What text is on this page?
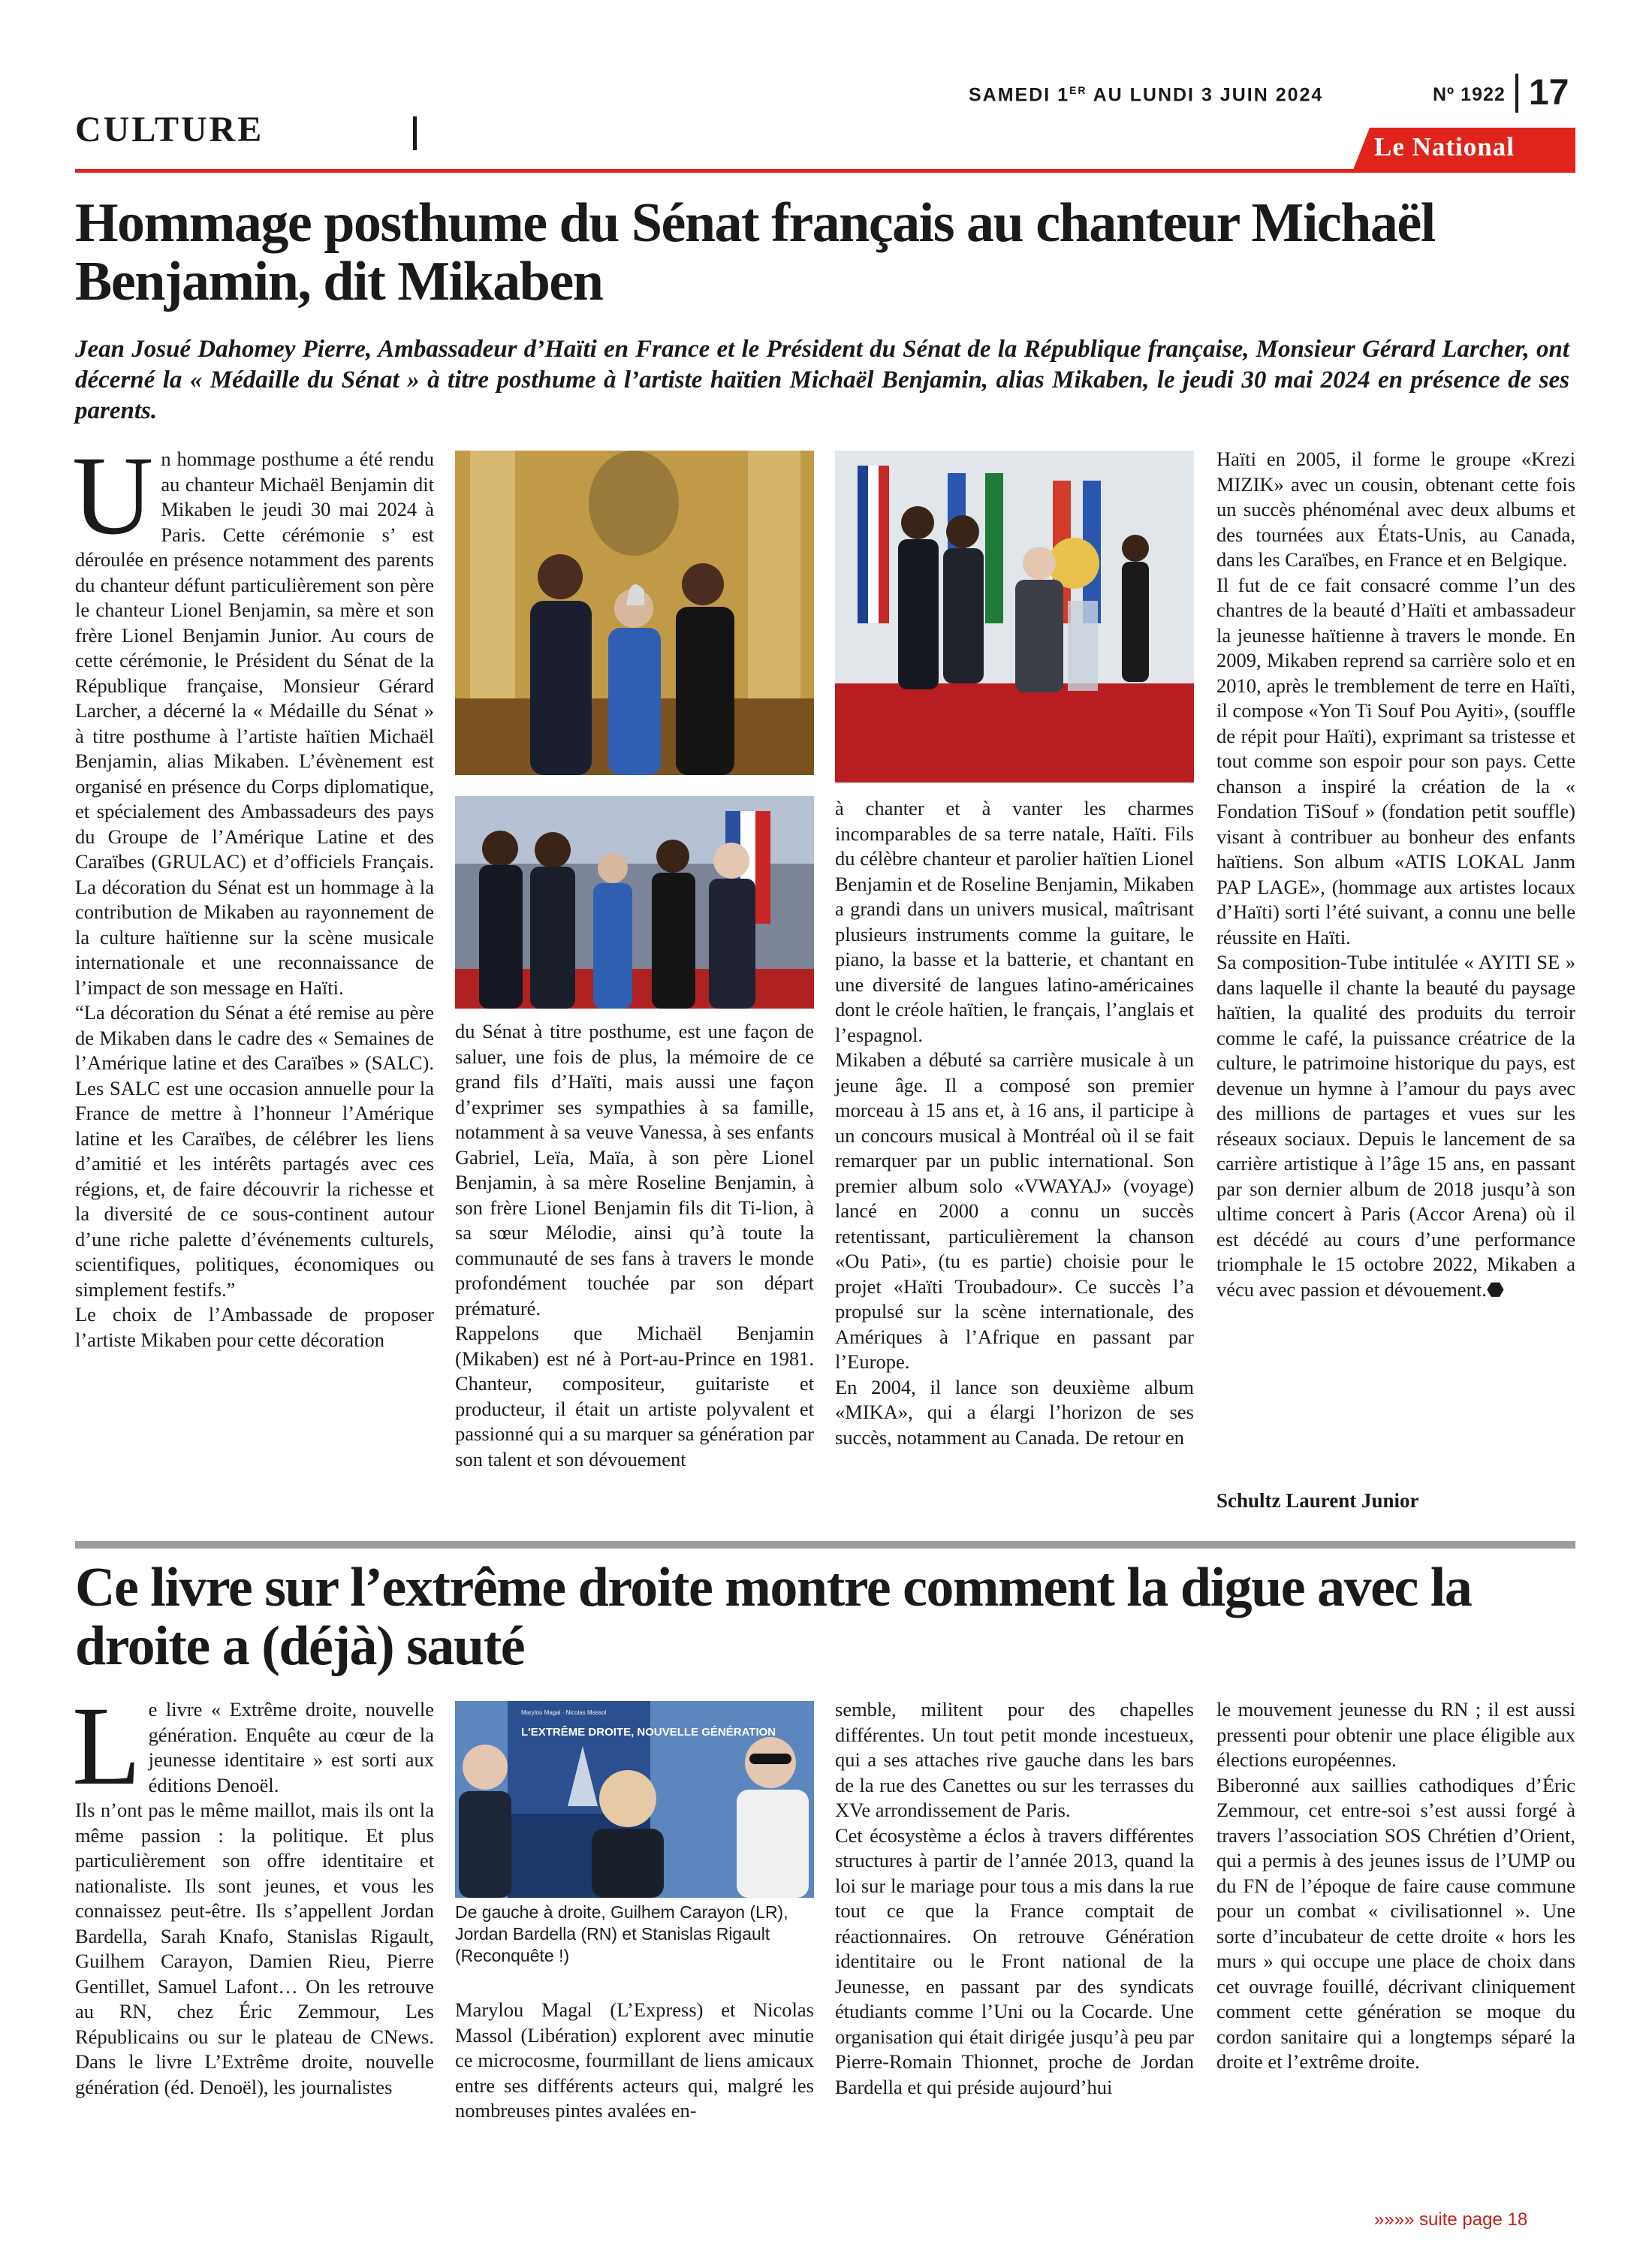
SAMEDI 1ER AU LUNDI 3 JUIN 2024	Nº 1922 17
CULTURE	Le National
Hommage posthume du Sénat français au chanteur Michaël Benjamin, dit Mikaben
Jean Josué Dahomey Pierre, Ambassadeur d’Haïti en France et le Président du Sénat de la République française, Monsieur Gérard Larcher, ont décerné la « Médaille du Sénat » à titre posthume à l’artiste haïtien Michaël Benjamin, alias Mikaben, le jeudi 30 mai 2024 en présence de ses parents.
U n hommage posthume a été rendu au chanteur Michaël Benjamin dit Mikaben le jeudi 30 mai 2024 à Paris. Cette cérémonie s’ est déroulée en présence notamment des parents du chanteur défunt particulièrement son père le chanteur Lionel Benjamin, sa mère et son frère Lionel Benjamin Junior. Au cours de cette cérémonie, le Président du Sénat de la République française, Monsieur Gérard Larcher, a décerné la « Médaille du Sénat » à titre posthume à l’artiste haïtien Michaël Benjamin, alias Mikaben. L’évènement est organisé en présence du Corps diplomatique, et spécialement des Ambassadeurs des pays du Groupe de l’Amérique Latine et des Caraïbes (GRULAC) et d’officiels Français. La décoration du Sénat est un hommage à la contribution de Mikaben au rayonnement de la culture haïtienne sur la scène musicale internationale et une reconnaissance de l’impact de son message en Haïti.

“La décoration du Sénat a été remise au père de Mikaben dans le cadre des « Semaines de l’Amérique latine et des Caraïbes » (SALC). Les SALC est une occasion annuelle pour la France de mettre à l’honneur l’Amérique latine et les Caraïbes, de célébrer les liens d’amitié et les intérêts partagés avec ces régions, et, de faire découvrir la richesse et la diversité de ce sous-continent autour d’une riche palette d’événements culturels, scientifiques, politiques, économiques ou simplement festifs.”

Le choix de l’Ambassade de proposer l’artiste Mikaben pour cette décoration

du Sénat à titre posthume, est une façon de saluer, une fois de plus, la mémoire de ce grand fils d’Haïti, mais aussi une façon d’exprimer ses sympathies à sa famille, notamment à sa veuve Vanessa, à ses enfants Gabriel, Leïa, Maïa, à son père Lionel Benjamin, à sa mère Roseline Benjamin, à son frère Lionel Benjamin fils dit Ti-lion, à sa sœur Mélodie, ainsi qu’à toute la communauté de ses fans à travers le monde profondément touchée par son départ prématuré.

Rappelons que Michaël Benjamin (Mikaben) est né à Port-au-Prince en 1981. Chanteur, compositeur, guitariste et producteur, il était un artiste polyvalent et passionné qui a su marquer sa génération par son talent et son dévouement

à chanter et à vanter les charmes incomparables de sa terre natale, Haïti. Fils du célèbre chanteur et parolier haïtien Lionel Benjamin et de Roseline Benjamin, Mikaben a grandi dans un univers musical, maîtrisant plusieurs instruments comme la guitare, le piano, la basse et la batterie, et chantant en une diversité de langues latino-américaines dont le créole haïtien, le français, l’anglais et l’espagnol.

Mikaben a débuté sa carrière musicale à un jeune âge. Il a composé son premier morceau à 15 ans et, à 16 ans, il participe à un concours musical à Montréal où il se fait remarquer par un public international. Son premier album solo «VWAYAJ» (voyage) lancé en 2000 a connu un succès retentissant, particulièrement la chanson «Ou Pati», (tu es partie) choisie pour le projet «Haïti Troubadour». Ce succès l’a propulsé sur la scène internationale, des Amériques à l’Afrique en passant par l’Europe.

En 2004, il lance son deuxième album «MIKA», qui a élargi l’horizon de ses succès, notamment au Canada. De retour en

Haïti en 2005, il forme le groupe «Krezi MIZIK» avec un cousin, obtenant cette fois un succès phénoménal avec deux albums et des tournées aux États-Unis, au Canada, dans les Caraïbes, en France et en Belgique.

Il fut de ce fait consacré comme l’un des chantres de la beauté d’Haïti et ambassadeur la jeunesse haïtienne à travers le monde. En 2009, Mikaben reprend sa carrière solo et en 2010, après le tremblement de terre en Haïti, il compose «Yon Ti Souf Pou Ayiti», (souffle de répit pour Haïti), exprimant sa tristesse et tout comme son espoir pour son pays. Cette chanson a inspiré la création de la « Fondation TiSouf » (fondation petit souffle) visant à contribuer au bonheur des enfants haïtiens. Son album «ATIS LOKAL Janm PAP LAGE», (hommage aux artistes locaux d’Haïti) sorti l’été suivant, a connu une belle réussite en Haïti.

Sa composition-Tube intitulée « AYITI SE » dans laquelle il chante la beauté du paysage haïtien, la qualité des produits du terroir comme le café, la puissance créatrice de la culture, le patrimoine historique du pays, est devenue un hymne à l’amour du pays avec des millions de partages et vues sur les réseaux sociaux. Depuis le lancement de sa carrière artistique à l’âge 15 ans, en passant par son dernier album de 2018 jusqu’à son ultime concert à Paris (Accor Arena) où il est décédé au cours d’une performance triomphale le 15 octobre 2022, Mikaben a vécu avec passion et dévouement.⬣

Schultz Laurent Junior
Ce livre sur l’extrême droite montre comment la digue avec la droite a (déjà) sauté
L e livre « Extrême droite, nouvelle génération. Enquête au cœur de la jeunesse identitaire » est sorti aux éditions Denoël.

Ils n’ont pas le même maillot, mais ils ont la même passion : la politique. Et plus particulièrement son offre identitaire et nationaliste. Ils sont jeunes, et vous les connaissez peut-être. Ils s’appellent Jordan Bardella, Sarah Knafo, Stanislas Rigault, Guilhem Carayon, Damien Rieu, Pierre Gentillet, Samuel Lafont… On les retrouve au RN, chez Éric Zemmour, Les Républicains ou sur le plateau de CNews. Dans le livre L’Extrême droite, nouvelle génération (éd. Denoël), les journalistes

Marylou Magal · Nicolas Massol
L'EXTRÊME DROITE, NOUVELLE GÉNÉRATION
De gauche à droite, Guilhem Carayon (LR), Jordan Bardella (RN) et Stanislas Rigault (Reconquête !)

Marylou Magal (L’Express) et Nicolas Massol (Libération) explorent avec minutie ce microcosme, fourmillant de liens amicaux entre ses différents acteurs qui, malgré les nombreuses pintes avalées en-

semble, militent pour des chapelles différentes. Un tout petit monde incestueux, qui a ses attaches rive gauche dans les bars de la rue des Canettes ou sur les terrasses du XVe arrondissement de Paris.

Cet écosystème a éclos à travers différentes structures à partir de l’année 2013, quand la loi sur le mariage pour tous a mis dans la rue tout ce que la France comptait de réactionnaires. On retrouve Génération identitaire ou le Front national de la Jeunesse, en passant par des syndicats étudiants comme l’Uni ou la Cocarde. Une organisation qui était dirigée jusqu’à peu par Pierre-Romain Thionnet, proche de Jordan Bardella et qui préside aujourd’hui

le mouvement jeunesse du RN ; il est aussi pressenti pour obtenir une place éligible aux élections européennes.

Biberonné aux saillies cathodiques d’Éric Zemmour, cet entre-soi s’est aussi forgé à travers l’association SOS Chrétien d’Orient, qui a permis à des jeunes issus de l’UMP ou du FN de l’époque de faire cause commune pour un combat « civilisationnel ». Une sorte d’incubateur de cette droite « hors les murs » qui occupe une place de choix dans cet ouvrage fouillé, décrivant cliniquement comment cette génération se moque du cordon sanitaire qui a longtemps séparé la droite et l’extrême droite.

»»»» suite page 18
